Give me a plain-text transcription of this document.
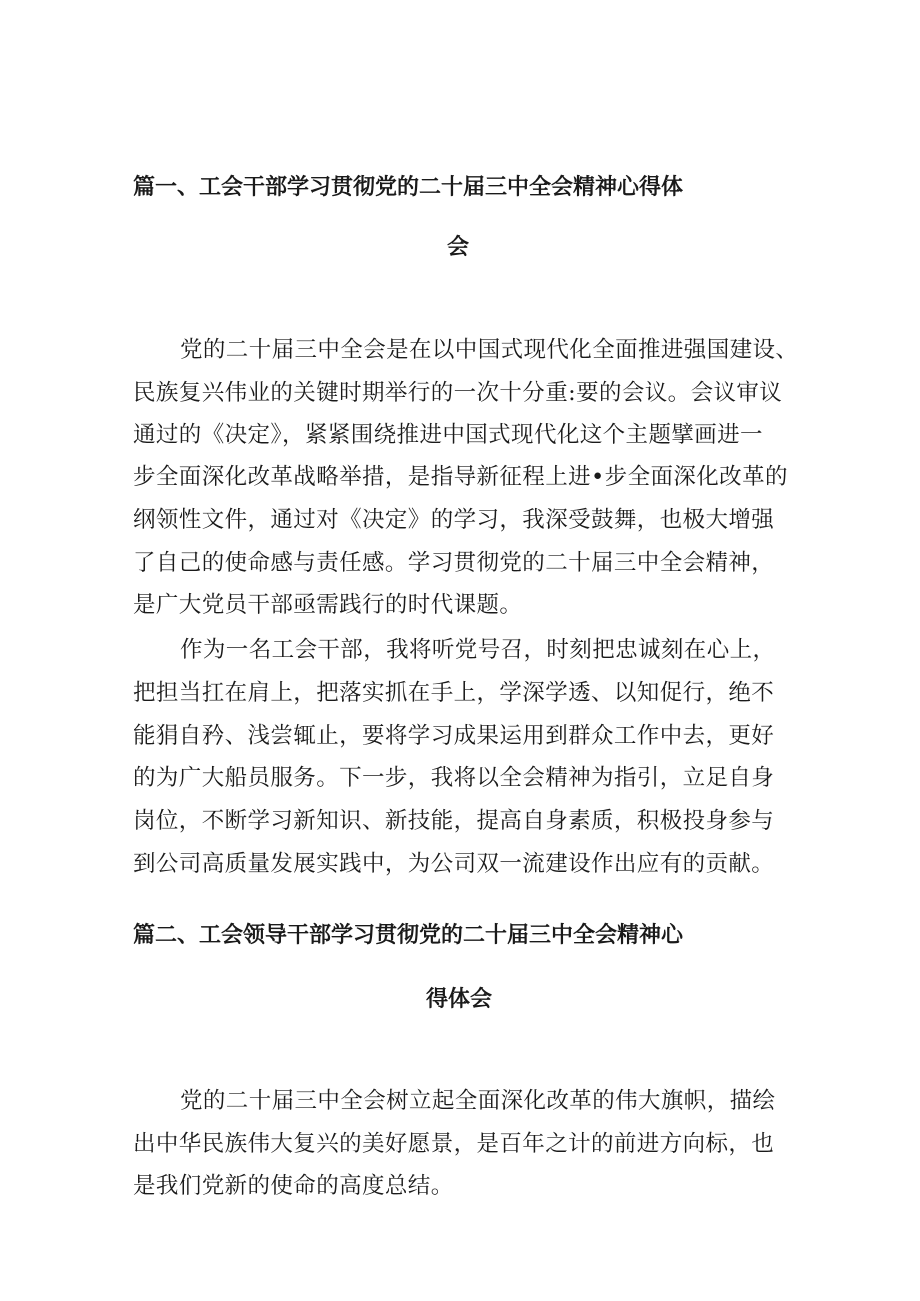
篇一、工会干部学习贯彻党的二十届三中全会精神心得体
会
党的二十届三中全会是在以中国式现代化全面推进强国建设、
民族复兴伟业的关键时期举行的一次十分重:要的会议。会议审议
通过的《决定》，紧紧围绕推进中国式现代化这个主题擘画进一
步全面深化改革战略举措，是指导新征程上进•步全面深化改革的
纲领性文件，通过对《决定》的学习，我深受鼓舞，也极大增强
了自己的使命感与责任感。学习贯彻党的二十届三中全会精神，
是广大党员干部亟需践行的时代课题。
作为一名工会干部，我将听党号召，时刻把忠诚刻在心上，
把担当扛在肩上，把落实抓在手上，学深学透、以知促行，绝不
能狷自矜、浅尝辄止，要将学习成果运用到群众工作中去，更好
的为广大船员服务。下一步，我将以全会精神为指引，立足自身
岗位，不断学习新知识、新技能，提高自身素质，积极投身参与
到公司高质量发展实践中，为公司双一流建设作出应有的贡献。
篇二、工会领导干部学习贯彻党的二十届三中全会精神心
得体会
党的二十届三中全会树立起全面深化改革的伟大旗帜，描绘
出中华民族伟大复兴的美好愿景，是百年之计的前进方向标，也
是我们党新的使命的高度总结。
